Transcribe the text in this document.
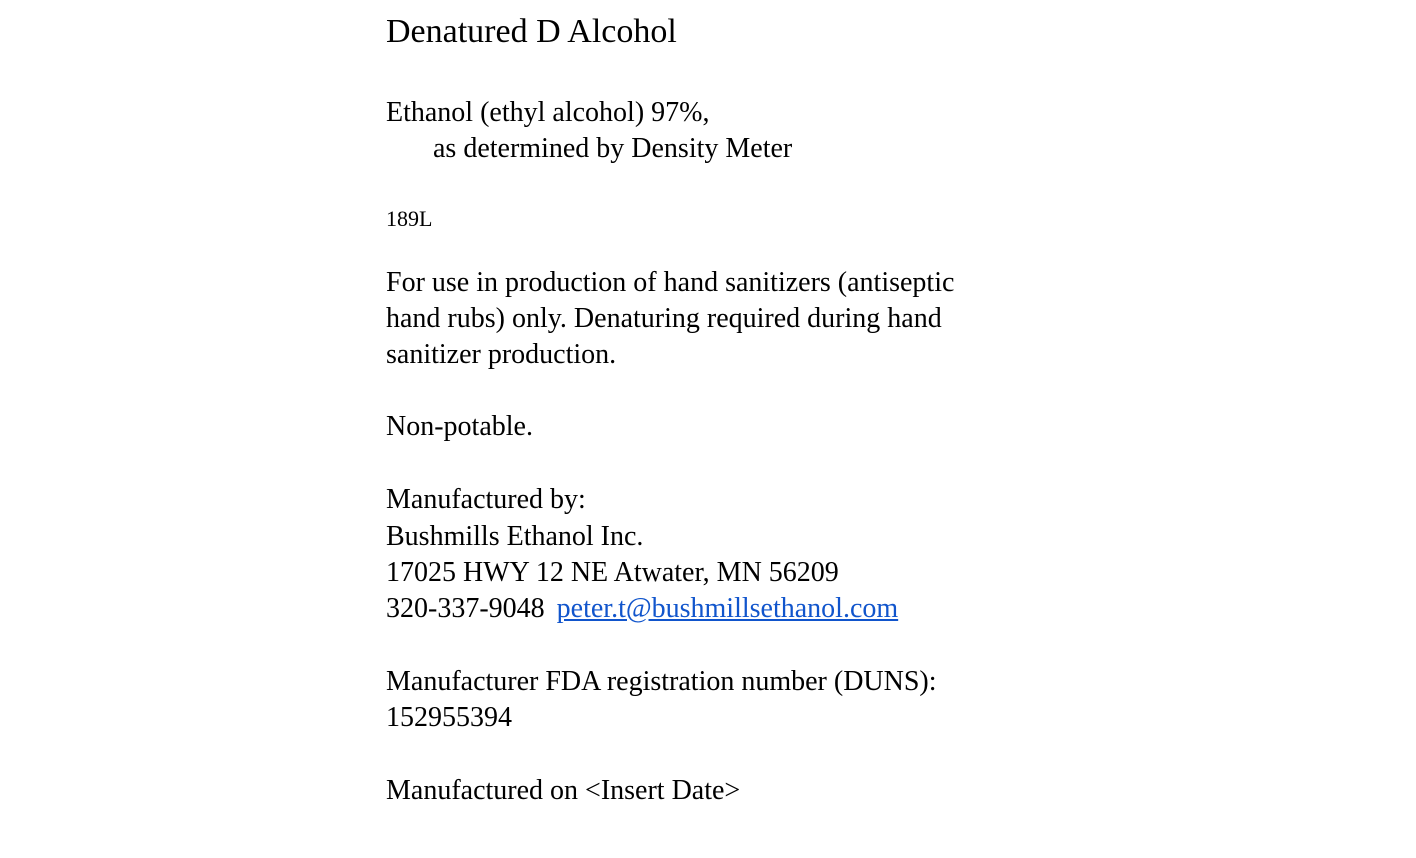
Denatured D Alcohol
Ethanol (ethyl alcohol) 97%,
as determined by Density Meter
189L
For use in production of hand sanitizers (antiseptic
hand rubs) only. Denaturing required during hand
sanitizer production.
Non-potable.
Manufactured by:
Bushmills Ethanol Inc.
17025 HWY 12 NE Atwater, MN 56209
320-337-9048 peter.t@bushmillsethanol.com
Manufacturer FDA registration number (DUNS):
152955394
Manufactured on <Insert Date>
